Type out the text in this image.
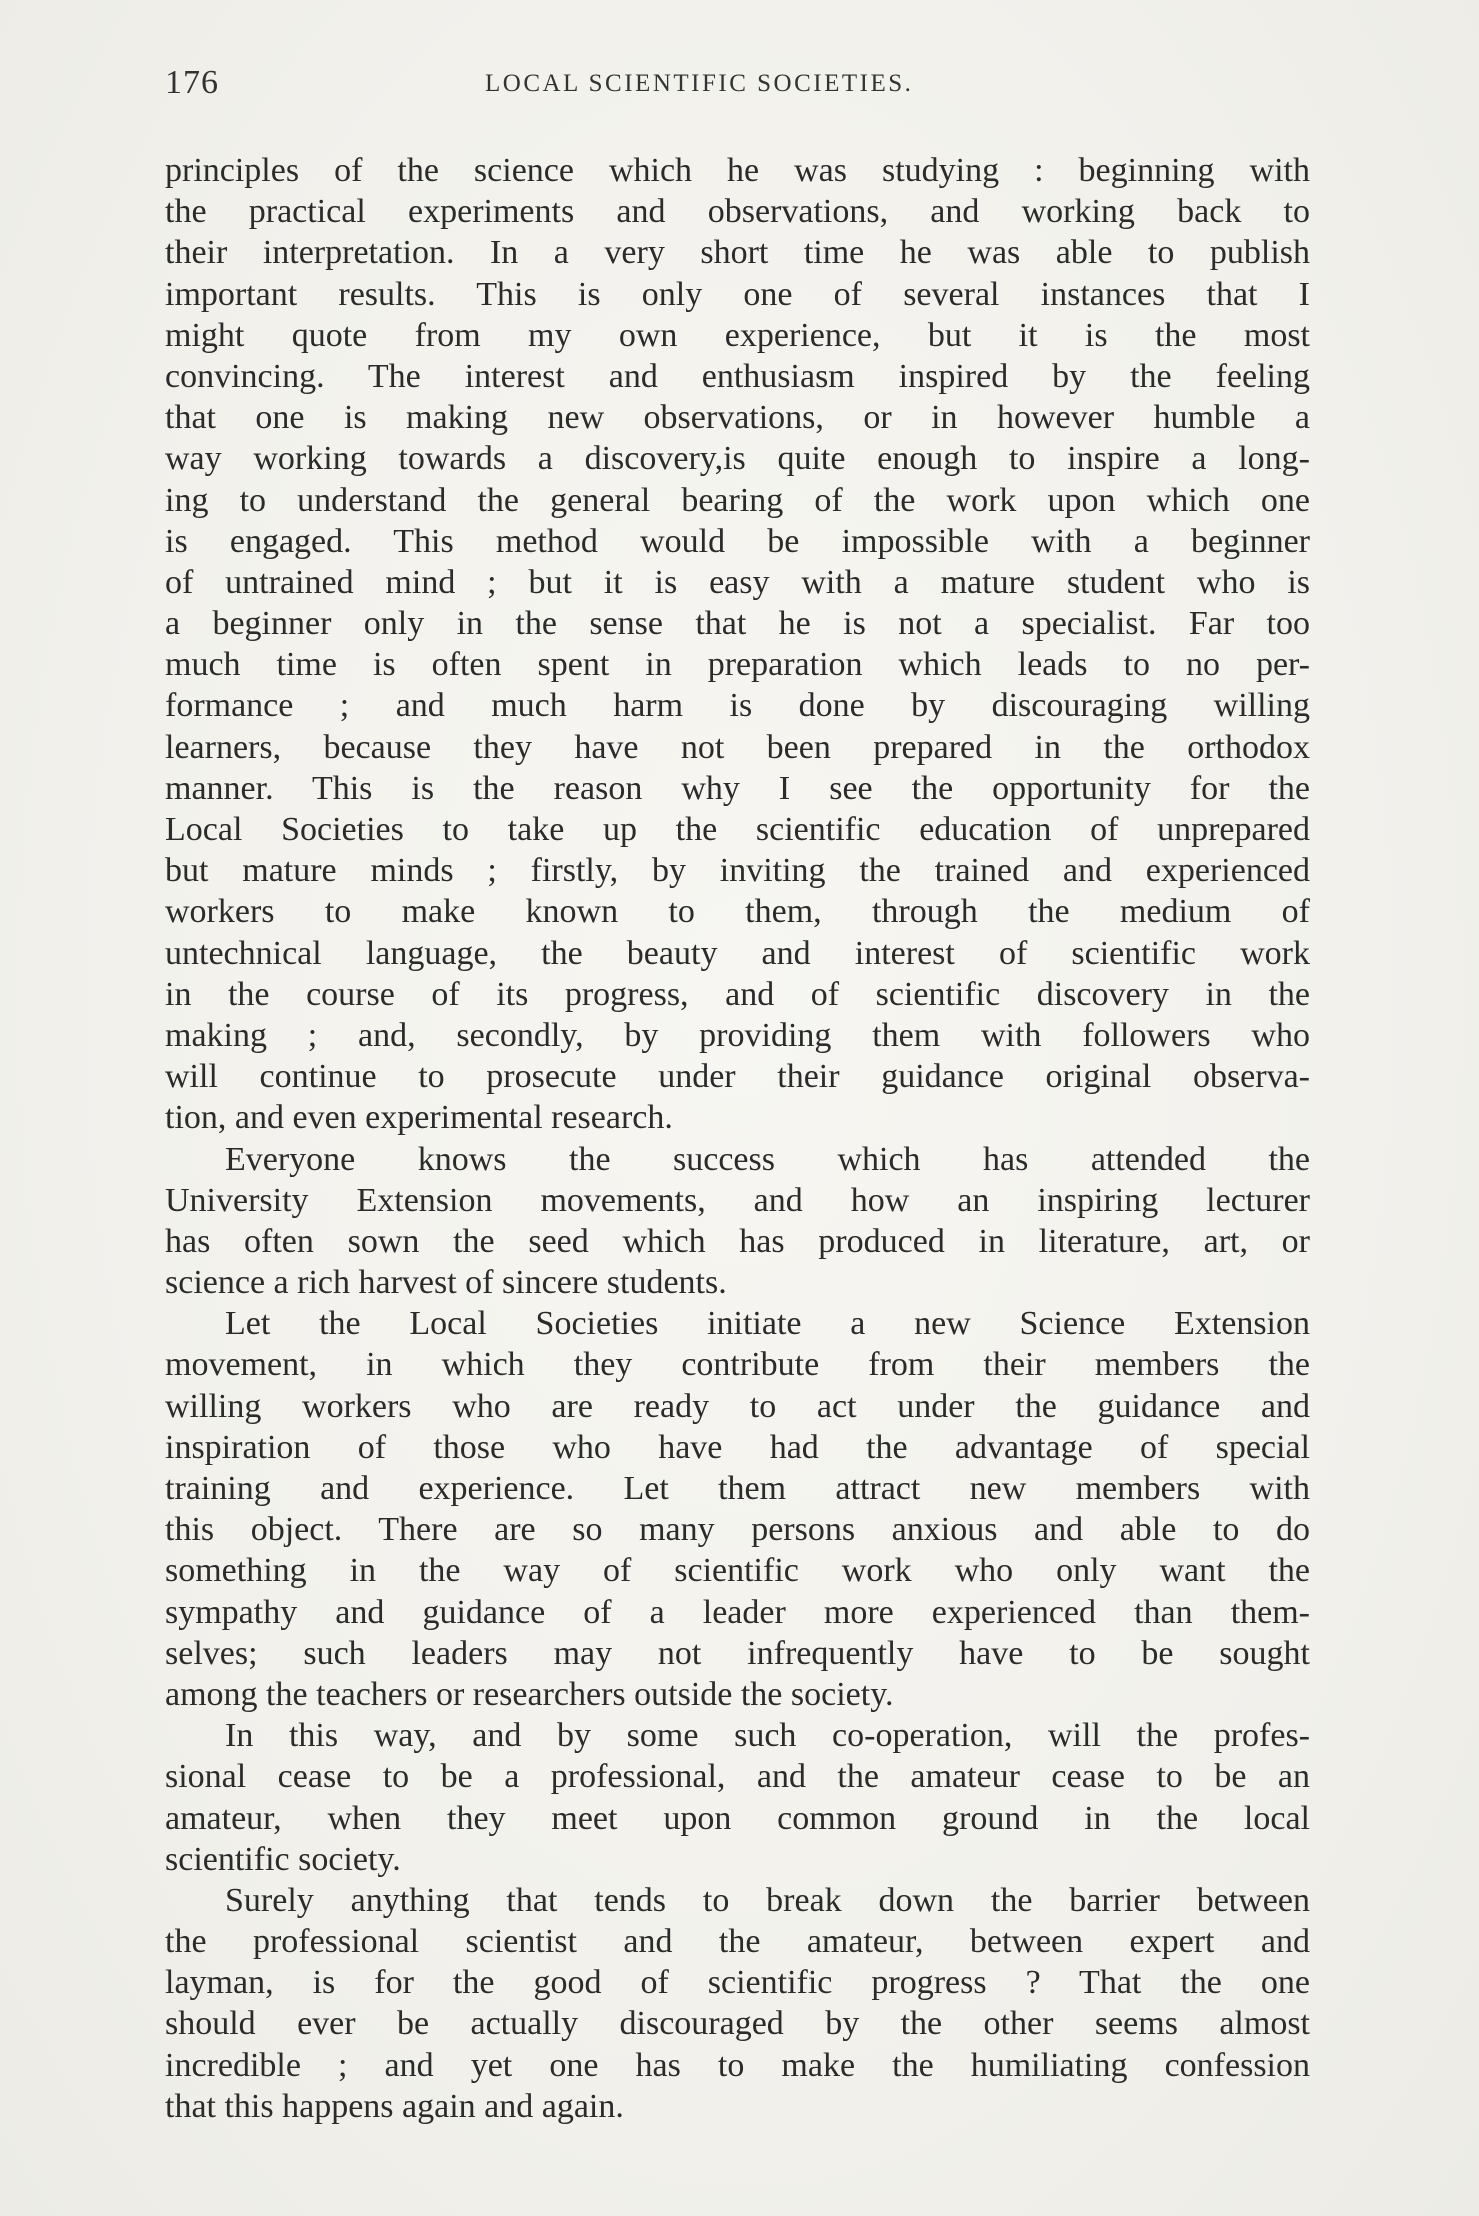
176	LOCAL SCIENTIFIC SOCIETIES.
principles of the science which he was studying : beginning with
the practical experiments and observations, and working back to
their interpretation. In a very short time he was able to publish
important results. This is only one of several instances that I
might quote from my own experience, but it is the most
convincing. The interest and enthusiasm inspired by the feeling
that one is making new observations, or in however humble a
way working towards a discovery,is quite enough to inspire a long-
ing to understand the general bearing of the work upon which one
is engaged. This method would be impossible with a beginner
of untrained mind ; but it is easy with a mature student who is
a beginner only in the sense that he is not a specialist. Far too
much time is often spent in preparation which leads to no per-
formance ; and much harm is done by discouraging willing
learners, because they have not been prepared in the orthodox
manner. This is the reason why I see the opportunity for the
Local Societies to take up the scientific education of unprepared
but mature minds ; firstly, by inviting the trained and experienced
workers to make known to them, through the medium of
untechnical language, the beauty and interest of scientific work
in the course of its progress, and of scientific discovery in the
making ; and, secondly, by providing them with followers who
will continue to prosecute under their guidance original observa-
tion, and even experimental research.
Everyone knows the success which has attended the
University Extension movements, and how an inspiring lecturer
has often sown the seed which has produced in literature, art, or
science a rich harvest of sincere students.
Let the Local Societies initiate a new Science Extension
movement, in which they contribute from their members the
willing workers who are ready to act under the guidance and
inspiration of those who have had the advantage of special
training and experience. Let them attract new members with
this object. There are so many persons anxious and able to do
something in the way of scientific work who only want the
sympathy and guidance of a leader more experienced than them-
selves; such leaders may not infrequently have to be sought
among the teachers or researchers outside the society.
In this way, and by some such co-operation, will the profes-
sional cease to be a professional, and the amateur cease to be an
amateur, when they meet upon common ground in the local
scientific society.
Surely anything that tends to break down the barrier between
the professional scientist and the amateur, between expert and
layman, is for the good of scientific progress ? That the one
should ever be actually discouraged by the other seems almost
incredible ; and yet one has to make the humiliating confession
that this happens again and again.
